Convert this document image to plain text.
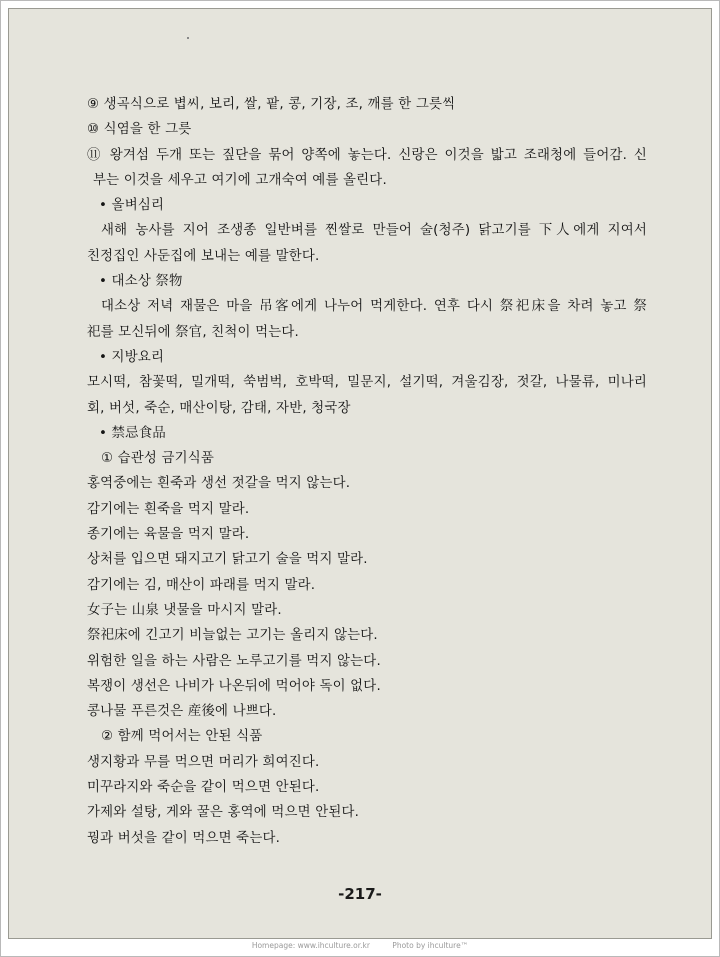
⑨ 생곡식으로 볍씨, 보리, 쌀, 팥, 콩, 기장, 조, 깨를 한 그릇씩
⑩ 식염을 한 그릇
⑪ 왕겨섬 두개 또는 짚단을 묶어 양쪽에 놓는다. 신랑은 이것을 밟고 조래청에 들어감. 신
부는 이것을 세우고 여기에 고개숙여 예를 올린다.
• 올벼심리
새해 농사를 지어 조생종 일반벼를 찐쌀로 만들어 술(청주) 닭고기를 下人에게 지여서
친정집인 사둔집에 보내는 예를 말한다.
• 대소상 祭物
대소상 저녁 재물은 마을 吊客에게 나누어 먹게한다. 연후 다시 祭祀床을 차려 놓고 祭
祀를 모신뒤에 祭官, 친척이 먹는다.
• 지방요리
모시떡, 참꽃떡, 밀개떡, 쑥범벅, 호박떡, 밀문지, 설기떡, 겨울김장, 젓갈, 나물류, 미나리
회, 버섯, 죽순, 매산이탕, 감태, 자반, 청국장
• 禁忌食品
① 습관성 금기식품
홍역중에는 흰죽과 생선 젓갈을 먹지 않는다.
감기에는 흰죽을 먹지 말라.
종기에는 육물을 먹지 말라.
상처를 입으면 돼지고기 닭고기 술을 먹지 말라.
감기에는 김, 매산이 파래를 먹지 말라.
女子는 山泉 냇물을 마시지 말라.
祭祀床에 긴고기 비늘없는 고기는 올리지 않는다.
위험한 일을 하는 사람은 노루고기를 먹지 않는다.
복쟁이 생선은 나비가 나온뒤에 먹어야 독이 없다.
콩나물 푸른것은 産後에 나쁘다.
② 함께 먹어서는 안된 식품
생지황과 무를 먹으면 머리가 희여진다.
미꾸라지와 죽순을 같이 먹으면 안된다.
가제와 설탕, 게와 꿀은 홍역에 먹으면 안된다.
꿩과 버섯을 같이 먹으면 죽는다.
-217-
Homepage: www.ihculture.or.kr	Photo by ihculture™
